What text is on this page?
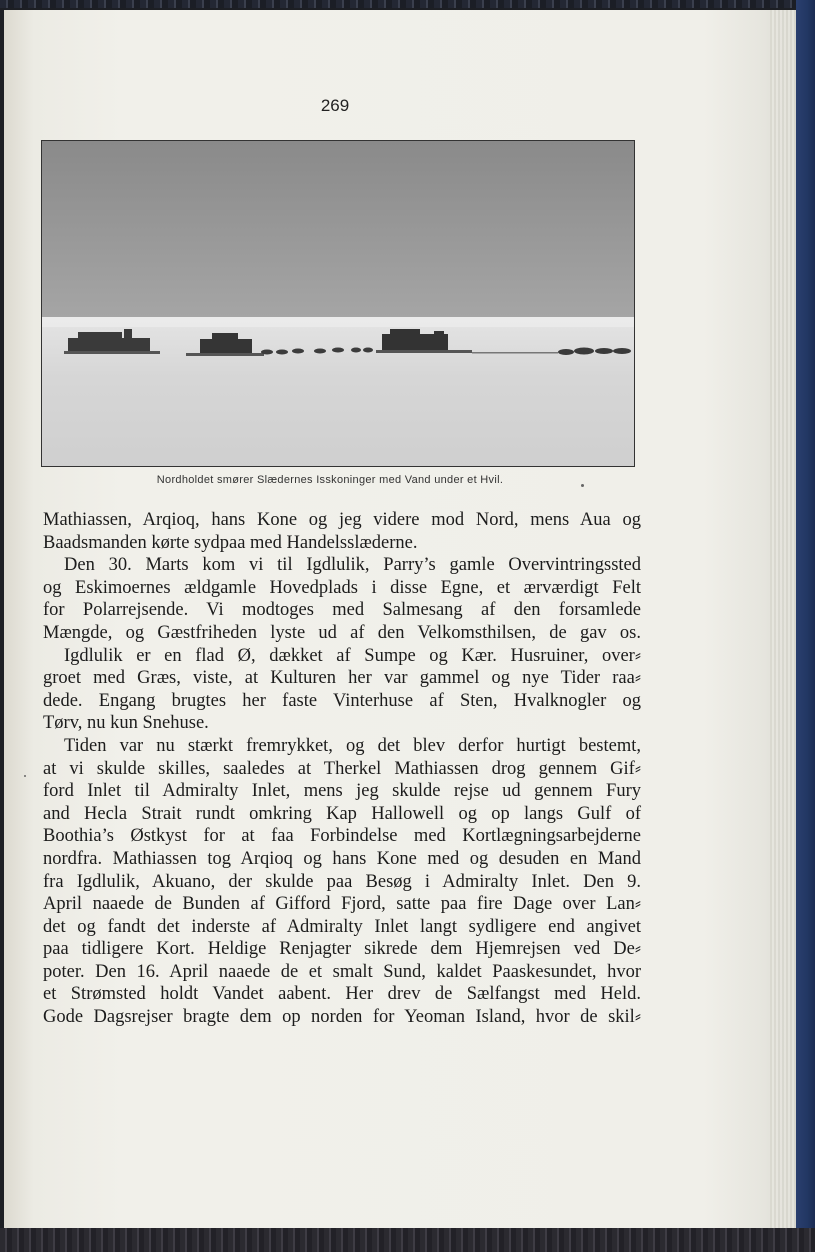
269
Nordholdet smører Slædernes Isskoninger med Vand under et Hvil.
Mathiassen, Arqioq, hans Kone og jeg videre mod Nord, mens Aua og
Baadsmanden kørte sydpaa med Handelsslæderne.
Den 30. Marts kom vi til Igdlulik, Parry’s gamle Overvintringssted
og Eskimoernes ældgamle Hovedplads i disse Egne, et ærværdigt Felt
for Polarrejsende. Vi modtoges med Salmesang af den forsamlede
Mængde, og Gæstfriheden lyste ud af den Velkomsthilsen, de gav os.
Igdlulik er en flad Ø, dækket af Sumpe og Kær. Husruiner, over⸗
groet med Græs, viste, at Kulturen her var gammel og nye Tider raa⸗
dede. Engang brugtes her faste Vinterhuse af Sten, Hvalknogler og
Tørv, nu kun Snehuse.
Tiden var nu stærkt fremrykket, og det blev derfor hurtigt bestemt,
at vi skulde skilles, saaledes at Therkel Mathiassen drog gennem Gif⸗
ford Inlet til Admiralty Inlet, mens jeg skulde rejse ud gennem Fury
and Hecla Strait rundt omkring Kap Hallowell og op langs Gulf of
Boothia’s Østkyst for at faa Forbindelse med Kortlægningsarbejderne
nordfra. Mathiassen tog Arqioq og hans Kone med og desuden en Mand
fra Igdlulik, Akuano, der skulde paa Besøg i Admiralty Inlet. Den 9.
April naaede de Bunden af Gifford Fjord, satte paa fire Dage over Lan⸗
det og fandt det inderste af Admiralty Inlet langt sydligere end angivet
paa tidligere Kort. Heldige Renjagter sikrede dem Hjemrejsen ved De⸗
poter. Den 16. April naaede de et smalt Sund, kaldet Paaskesundet, hvor
et Strømsted holdt Vandet aabent. Her drev de Sælfangst med Held.
Gode Dagsrejser bragte dem op norden for Yeoman Island, hvor de skil⸗
